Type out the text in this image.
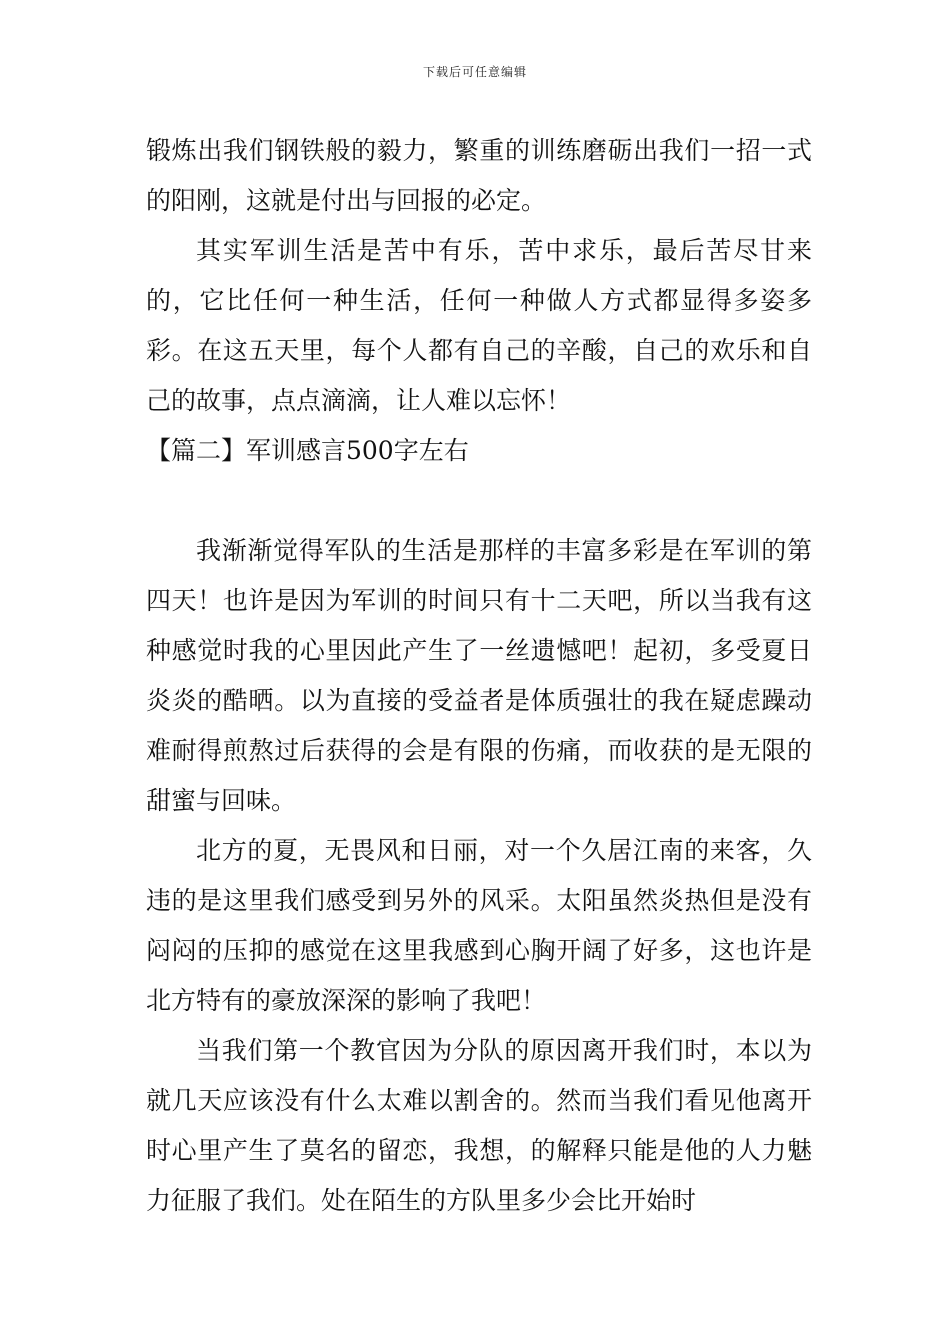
下载后可任意编辑

锻炼出我们钢铁般的毅力，繁重的训练磨砺出我们一招一式的阳刚，这就是付出与回报的必定。

其实军训生活是苦中有乐，苦中求乐，最后苦尽甘来的，它比任何一种生活，任何一种做人方式都显得多姿多彩。在这五天里，每个人都有自己的辛酸，自己的欢乐和自己的故事，点点滴滴，让人难以忘怀！

【篇二】军训感言500字左右

我渐渐觉得军队的生活是那样的丰富多彩是在军训的第四天！也许是因为军训的时间只有十二天吧，所以当我有这种感觉时我的心里因此产生了一丝遗憾吧！起初，多受夏日炎炎的酷晒。以为直接的受益者是体质强壮的我在疑虑躁动难耐得煎熬过后获得的会是有限的伤痛，而收获的是无限的甜蜜与回味。

北方的夏，无畏风和日丽，对一个久居江南的来客，久违的是这里我们感受到另外的风采。太阳虽然炎热但是没有闷闷的压抑的感觉在这里我感到心胸开阔了好多，这也许是北方特有的豪放深深的影响了我吧！

当我们第一个教官因为分队的原因离开我们时，本以为就几天应该没有什么太难以割舍的。然而当我们看见他离开时心里产生了莫名的留恋，我想，的解释只能是他的人力魅力征服了我们。处在陌生的方队里多少会比开始时
